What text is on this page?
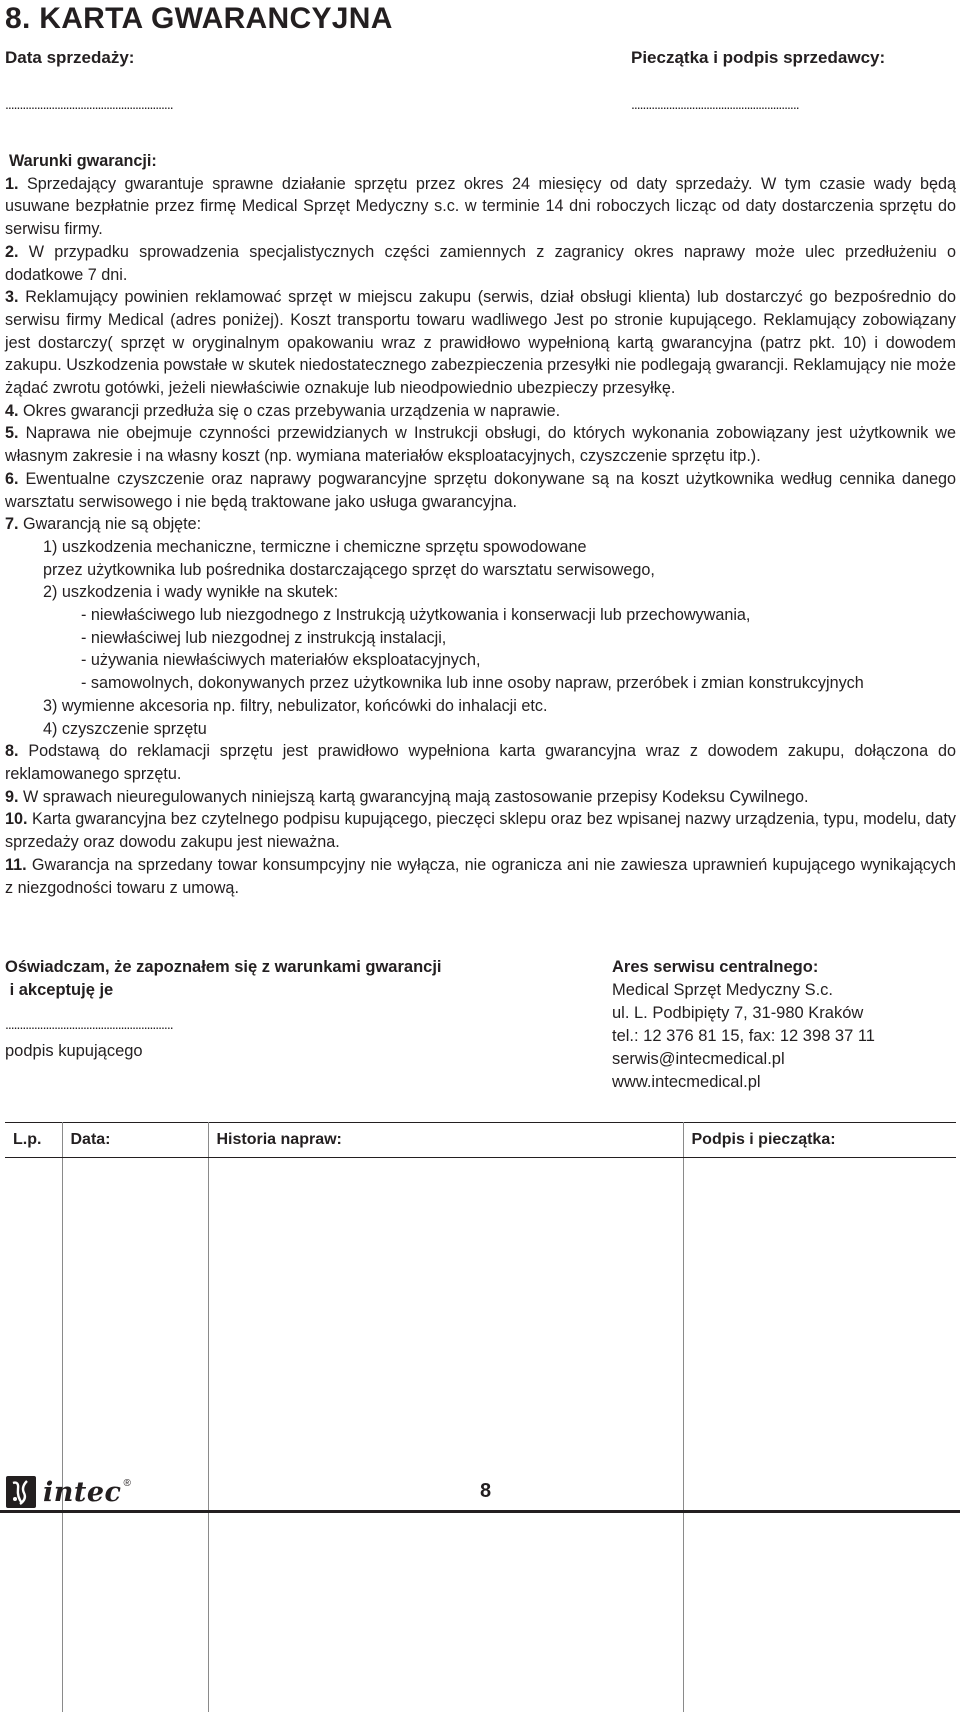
8. KARTA GWARANCYJNA
Data sprzedaży:	Pieczątka i podpis sprzedawcy:
..........................................................	..........................................................

Warunki gwarancji:

1. Sprzedający gwarantuje sprawne działanie sprzętu przez okres 24 miesięcy od daty sprzedaży. W tym czasie wady będą usuwane bezpłatnie przez firmę Medical Sprzęt Medyczny s.c. w terminie 14 dni roboczych licząc od daty dostarczenia sprzętu do serwisu firmy.

2. W przypadku sprowadzenia specjalistycznych części zamiennych z zagranicy okres naprawy może ulec przedłużeniu o dodatkowe 7 dni.

3. Reklamujący powinien reklamować sprzęt w miejscu zakupu (serwis, dział obsługi klienta) lub dostarczyć go bezpośrednio do serwisu firmy Medical (adres poniżej). Koszt transportu towaru wadliwego Jest po stronie kupującego. Reklamujący zobowiązany jest dostarczy( sprzęt w oryginalnym opakowaniu wraz z prawidłowo wypełnioną kartą gwarancyjna (patrz pkt. 10) i dowodem zakupu. Uszkodzenia powstałe w skutek niedostatecznego zabezpieczenia przesyłki nie podlegają gwarancji. Reklamujący nie może żądać zwrotu gotówki, jeżeli niewłaściwie oznakuje lub nieodpowiednio ubezpieczy przesyłkę.

4. Okres gwarancji przedłuża się o czas przebywania urządzenia w naprawie.

5. Naprawa nie obejmuje czynności przewidzianych w Instrukcji obsługi, do których wykonania zobowiązany jest użytkownik we własnym zakresie i na własny koszt (np. wymiana materiałów eksploatacyjnych, czyszczenie sprzętu itp.).

6. Ewentualne czyszczenie oraz naprawy pogwarancyjne sprzętu dokonywane są na koszt użytkownika według cennika danego warsztatu serwisowego i nie będą traktowane jako usługa gwarancyjna.

7. Gwarancją nie są objęte:

1) uszkodzenia mechaniczne, termiczne i chemiczne sprzętu spowodowane

przez użytkownika lub pośrednika dostarczającego sprzęt do warsztatu serwisowego,

2) uszkodzenia i wady wynikłe na skutek:

- niewłaściwego lub niezgodnego z Instrukcją użytkowania i konserwacji lub przechowywania,

- niewłaściwej lub niezgodnej z instrukcją instalacji,

- używania niewłaściwych materiałów eksploatacyjnych,

- samowolnych, dokonywanych przez użytkownika lub inne osoby napraw, przeróbek i zmian konstrukcyjnych

3) wymienne akcesoria np. filtry, nebulizator, końcówki do inhalacji etc.

4) czyszczenie sprzętu

8. Podstawą do reklamacji sprzętu jest prawidłowo wypełniona karta gwarancyjna wraz z dowodem zakupu, dołączona do reklamowanego sprzętu.

9. W sprawach nieuregulowanych niniejszą kartą gwarancyjną mają zastosowanie przepisy Kodeksu Cywilnego.

10. Karta gwarancyjna bez czytelnego podpisu kupującego, pieczęci sklepu oraz bez wpisanej nazwy urządzenia, typu, modelu, daty sprzedaży oraz dowodu zakupu jest nieważna.

11. Gwarancja na sprzedany towar konsumpcyjny nie wyłącza, nie ogranicza ani nie zawiesza uprawnień kupującego wynikających z niezgodności towaru z umową.

Oświadczam, że zapoznałem się z warunkami gwarancji
i akceptuję je
..........................................................
podpis kupującego
Ares serwisu centralnego:
Medical Sprzęt Medyczny S.c.
ul. L. Podbipięty 7, 31-980 Kraków
tel.: 12 376 81 15, fax: 12 398 37 11
serwis@intecmedical.pl
www.intecmedical.pl
L.p.	Data:	Historia napraw:	Podpis i pieczątka:

intec ®	8
